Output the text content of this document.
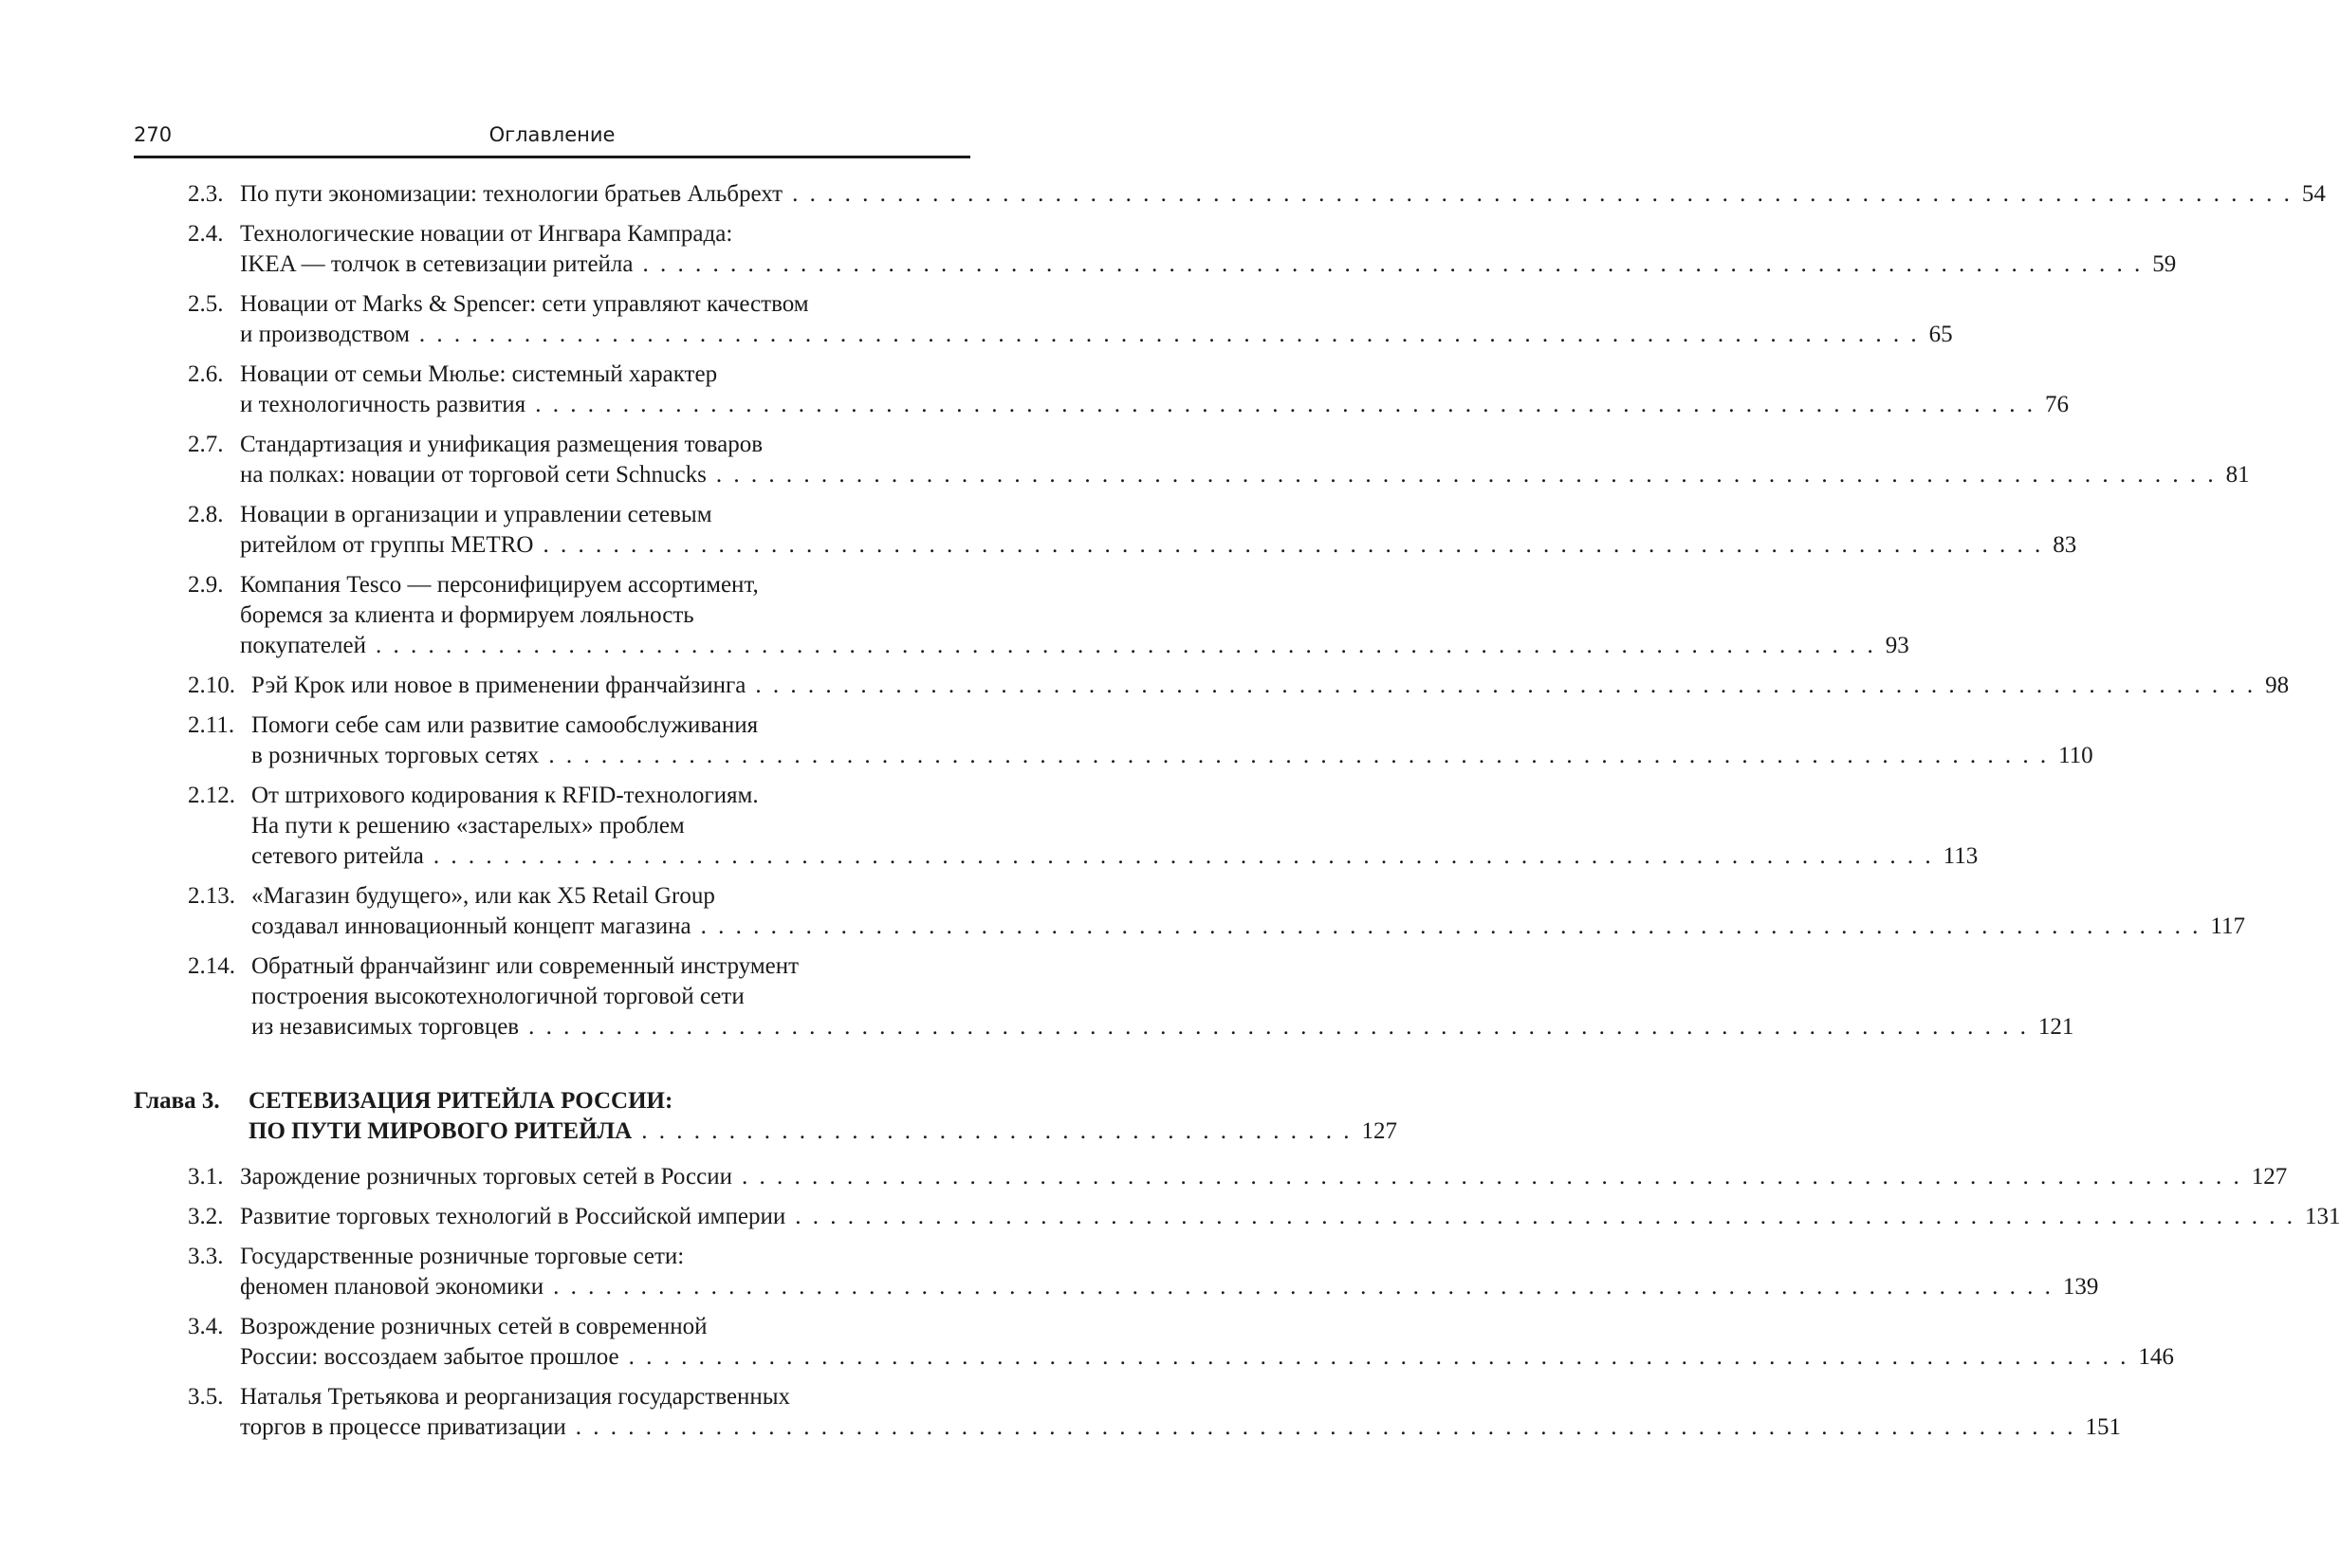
270	Оглавление
2.3. По пути экономизации: технологии братьев Альбрехт . . .	54
2.4. Технологические новации от Ингвара Кампрада:
IKEA — толчок в сетевизации ритейла . . .	59
2.5. Новации от Marks & Spencer: сети управляют качеством
и производством . . .	65
2.6. Новации от семьи Мюлье: системный характер
и технологичность развития . . .	76
2.7. Стандартизация и унификация размещения товаров
на полках: новации от торговой сети Schnucks . . .	81
2.8. Новации в организации и управлении сетевым
ритейлом от группы METRO . . .	83
2.9. Компания Tesco — персонифицируем ассортимент,
боремся за клиента и формируем лояльность
покупателей . . .	93
2.10. Рэй Крок или новое в применении франчайзинга . . .	98
2.11. Помоги себе сам или развитие самообслуживания
в розничных торговых сетях . . .	110
2.12. От штрихового кодирования к RFID-технологиям.
На пути к решению «застарелых» проблем
сетевого ритейла . . .	113
2.13. «Магазин будущего», или как X5 Retail Group
создавал инновационный концепт магазина . . .	117
2.14. Обратный франчайзинг или современный инструмент
построения высокотехнологичной торговой сети
из независимых торговцев . . .	121
Глава 3. СЕТЕВИЗАЦИЯ РИТЕЙЛА РОССИИ:
ПО ПУТИ МИРОВОГО РИТЕЙЛА . . . . . . . . . . . . . . . . . . . . . . . . . . . . . . . . . . . . . . . . . 127
3.1. Зарождение розничных торговых сетей в России . . .	127
3.2. Развитие торговых технологий в Российской империи . . .	131
3.3. Государственные розничные торговые сети:
феномен плановой экономики . . .	139
3.4. Возрождение розничных сетей в современной
России: воссоздаем забытое прошлое . . .	146
3.5. Наталья Третьякова и реорганизация государственных
торгов в процессе приватизации . . .	151
